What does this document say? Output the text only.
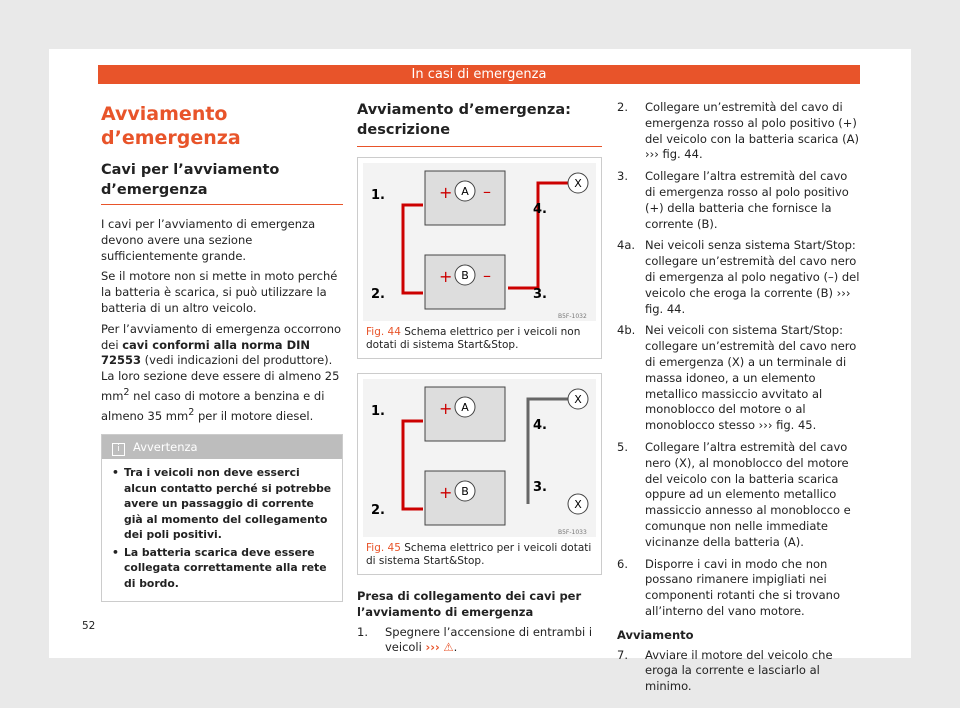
In casi di emergenza
Avviamento d’emergenza
Cavi per l’avviamento d’emergenza

I cavi per l’avviamento di emergenza devono avere una sezione sufficientemente grande.

Se il motore non si mette in moto perché la batteria è scarica, si può utilizzare la batteria di un altro veicolo.

Per l’avviamento di emergenza occorrono dei cavi conformi alla norma DIN 72553 (vedi indicazioni del produttore). La loro sezione deve essere di almeno 25 $mm^2$ nel caso di motore a benzina e di almeno 35 $mm^2$ per il motore diesel.

i Avvertenza
• Tra i veicoli non deve esserci alcun contatto perché si potrebbe avere un passaggio di corrente già al momento del collegamento dei poli positivi.
• La batteria scarica deve essere collegata correttamente alla rete di bordo.
Avviamento d’emergenza: descrizione
A
B
+
+
–
–
X
1.
2.	3.
4.
B5F-1032
Fig. 44 Schema elettrico per i veicoli non dotati di sistema Start&Stop.
A
B
+
+
X
X
1.
2.
3.
4.
B5F-1033
Fig. 45 Schema elettrico per i veicoli dotati di sistema Start&Stop.
Presa di collegamento dei cavi per l’avviamento di emergenza
1.	Spegnere l’accensione di entrambi i veicoli ››› ⚠.
2.	Collegare un’estremità del cavo di emergenza rosso al polo positivo (+) del veicolo con la batteria scarica (A) ››› fig. 44.
3.	Collegare l’altra estremità del cavo di emergenza rosso al polo positivo (+) della batteria che fornisce la corrente (B).
4a. Nei veicoli senza sistema Start/Stop: collegare un’estremità del cavo nero di emergenza al polo negativo (–) del veicolo che eroga la corrente (B) ››› fig. 44.
4b. Nei veicoli con sistema Start/Stop: collegare un’estremità del cavo nero di emergenza (X) a un terminale di massa idoneo, a un elemento metallico massiccio avvitato al monoblocco del motore o al monoblocco stesso ››› fig. 45.
5.	Collegare l’altra estremità del cavo nero (X), al monoblocco del motore del veicolo con la batteria scarica oppure ad un elemento metallico massiccio annesso al monoblocco e comunque non nelle immediate vicinanze della batteria (A).
6.	Disporre i cavi in modo che non possano rimanere impigliati nei componenti rotanti che si trovano all’interno del vano motore.
Avviamento
7.	Avviare il motore del veicolo che eroga la corrente e lasciarlo al minimo.
52
